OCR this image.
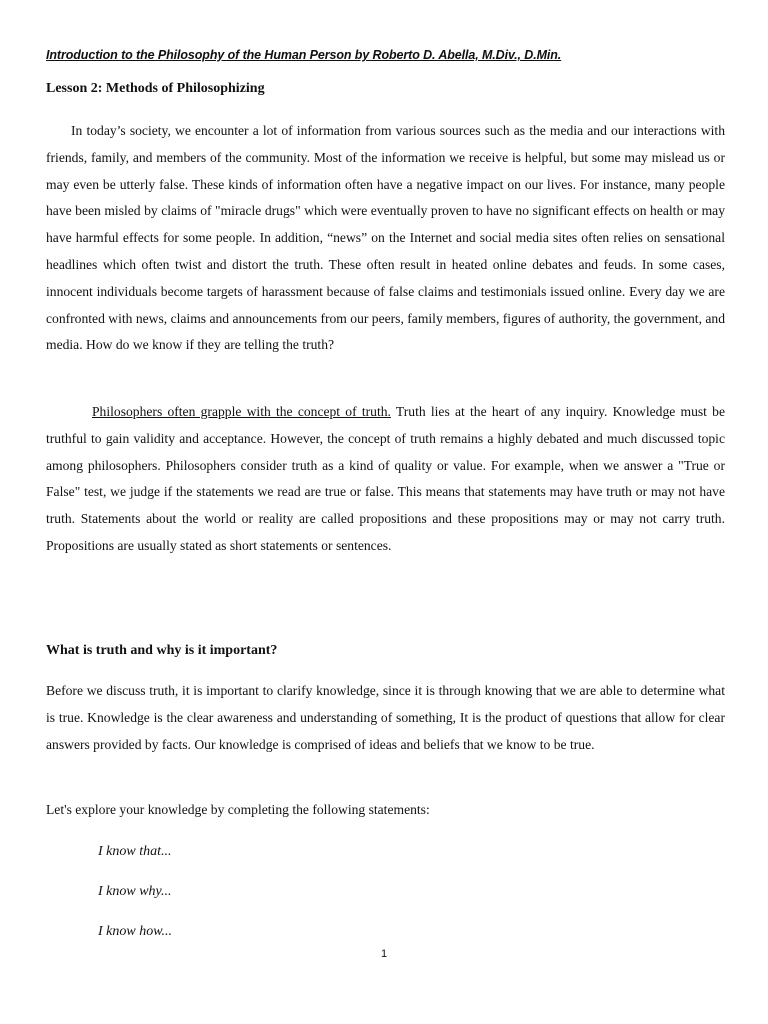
Introduction to the Philosophy of the Human Person by Roberto D. Abella, M.Div., D.Min.
Lesson 2: Methods of Philosophizing

In today’s society, we encounter a lot of information from various sources such as the media and our interactions with friends, family, and members of the community. Most of the information we receive is helpful, but some may mislead us or may even be utterly false. These kinds of information often have a negative impact on our lives. For instance, many people have been misled by claims of "miracle drugs" which were eventually proven to have no significant effects on health or may have harmful effects for some people. In addition, “news” on the Internet and social media sites often relies on sensational headlines which often twist and distort the truth. These often result in heated online debates and feuds. In some cases, innocent individuals become targets of harassment because of false claims and testimonials issued online. Every day we are confronted with news, claims and announcements from our peers, family members, figures of authority, the government, and media. How do we know if they are telling the truth?

Philosophers often grapple with the concept of truth. Truth lies at the heart of any inquiry. Knowledge must be truthful to gain validity and acceptance. However, the concept of truth remains a highly debated and much discussed topic among philosophers. Philosophers consider truth as a kind of quality or value. For example, when we answer a "True or False" test, we judge if the statements we read are true or false. This means that statements may have truth or may not have truth. Statements about the world or reality are called propositions and these propositions may or may not carry truth. Propositions are usually stated as short statements or sentences.

What is truth and why is it important?

Before we discuss truth, it is important to clarify knowledge, since it is through knowing that we are able to determine what is true. Knowledge is the clear awareness and understanding of something, It is the product of questions that allow for clear answers provided by facts. Our knowledge is comprised of ideas and beliefs that we know to be true.

Let's explore your knowledge by completing the following statements:
I know that...
I know why...
I know how...
1
